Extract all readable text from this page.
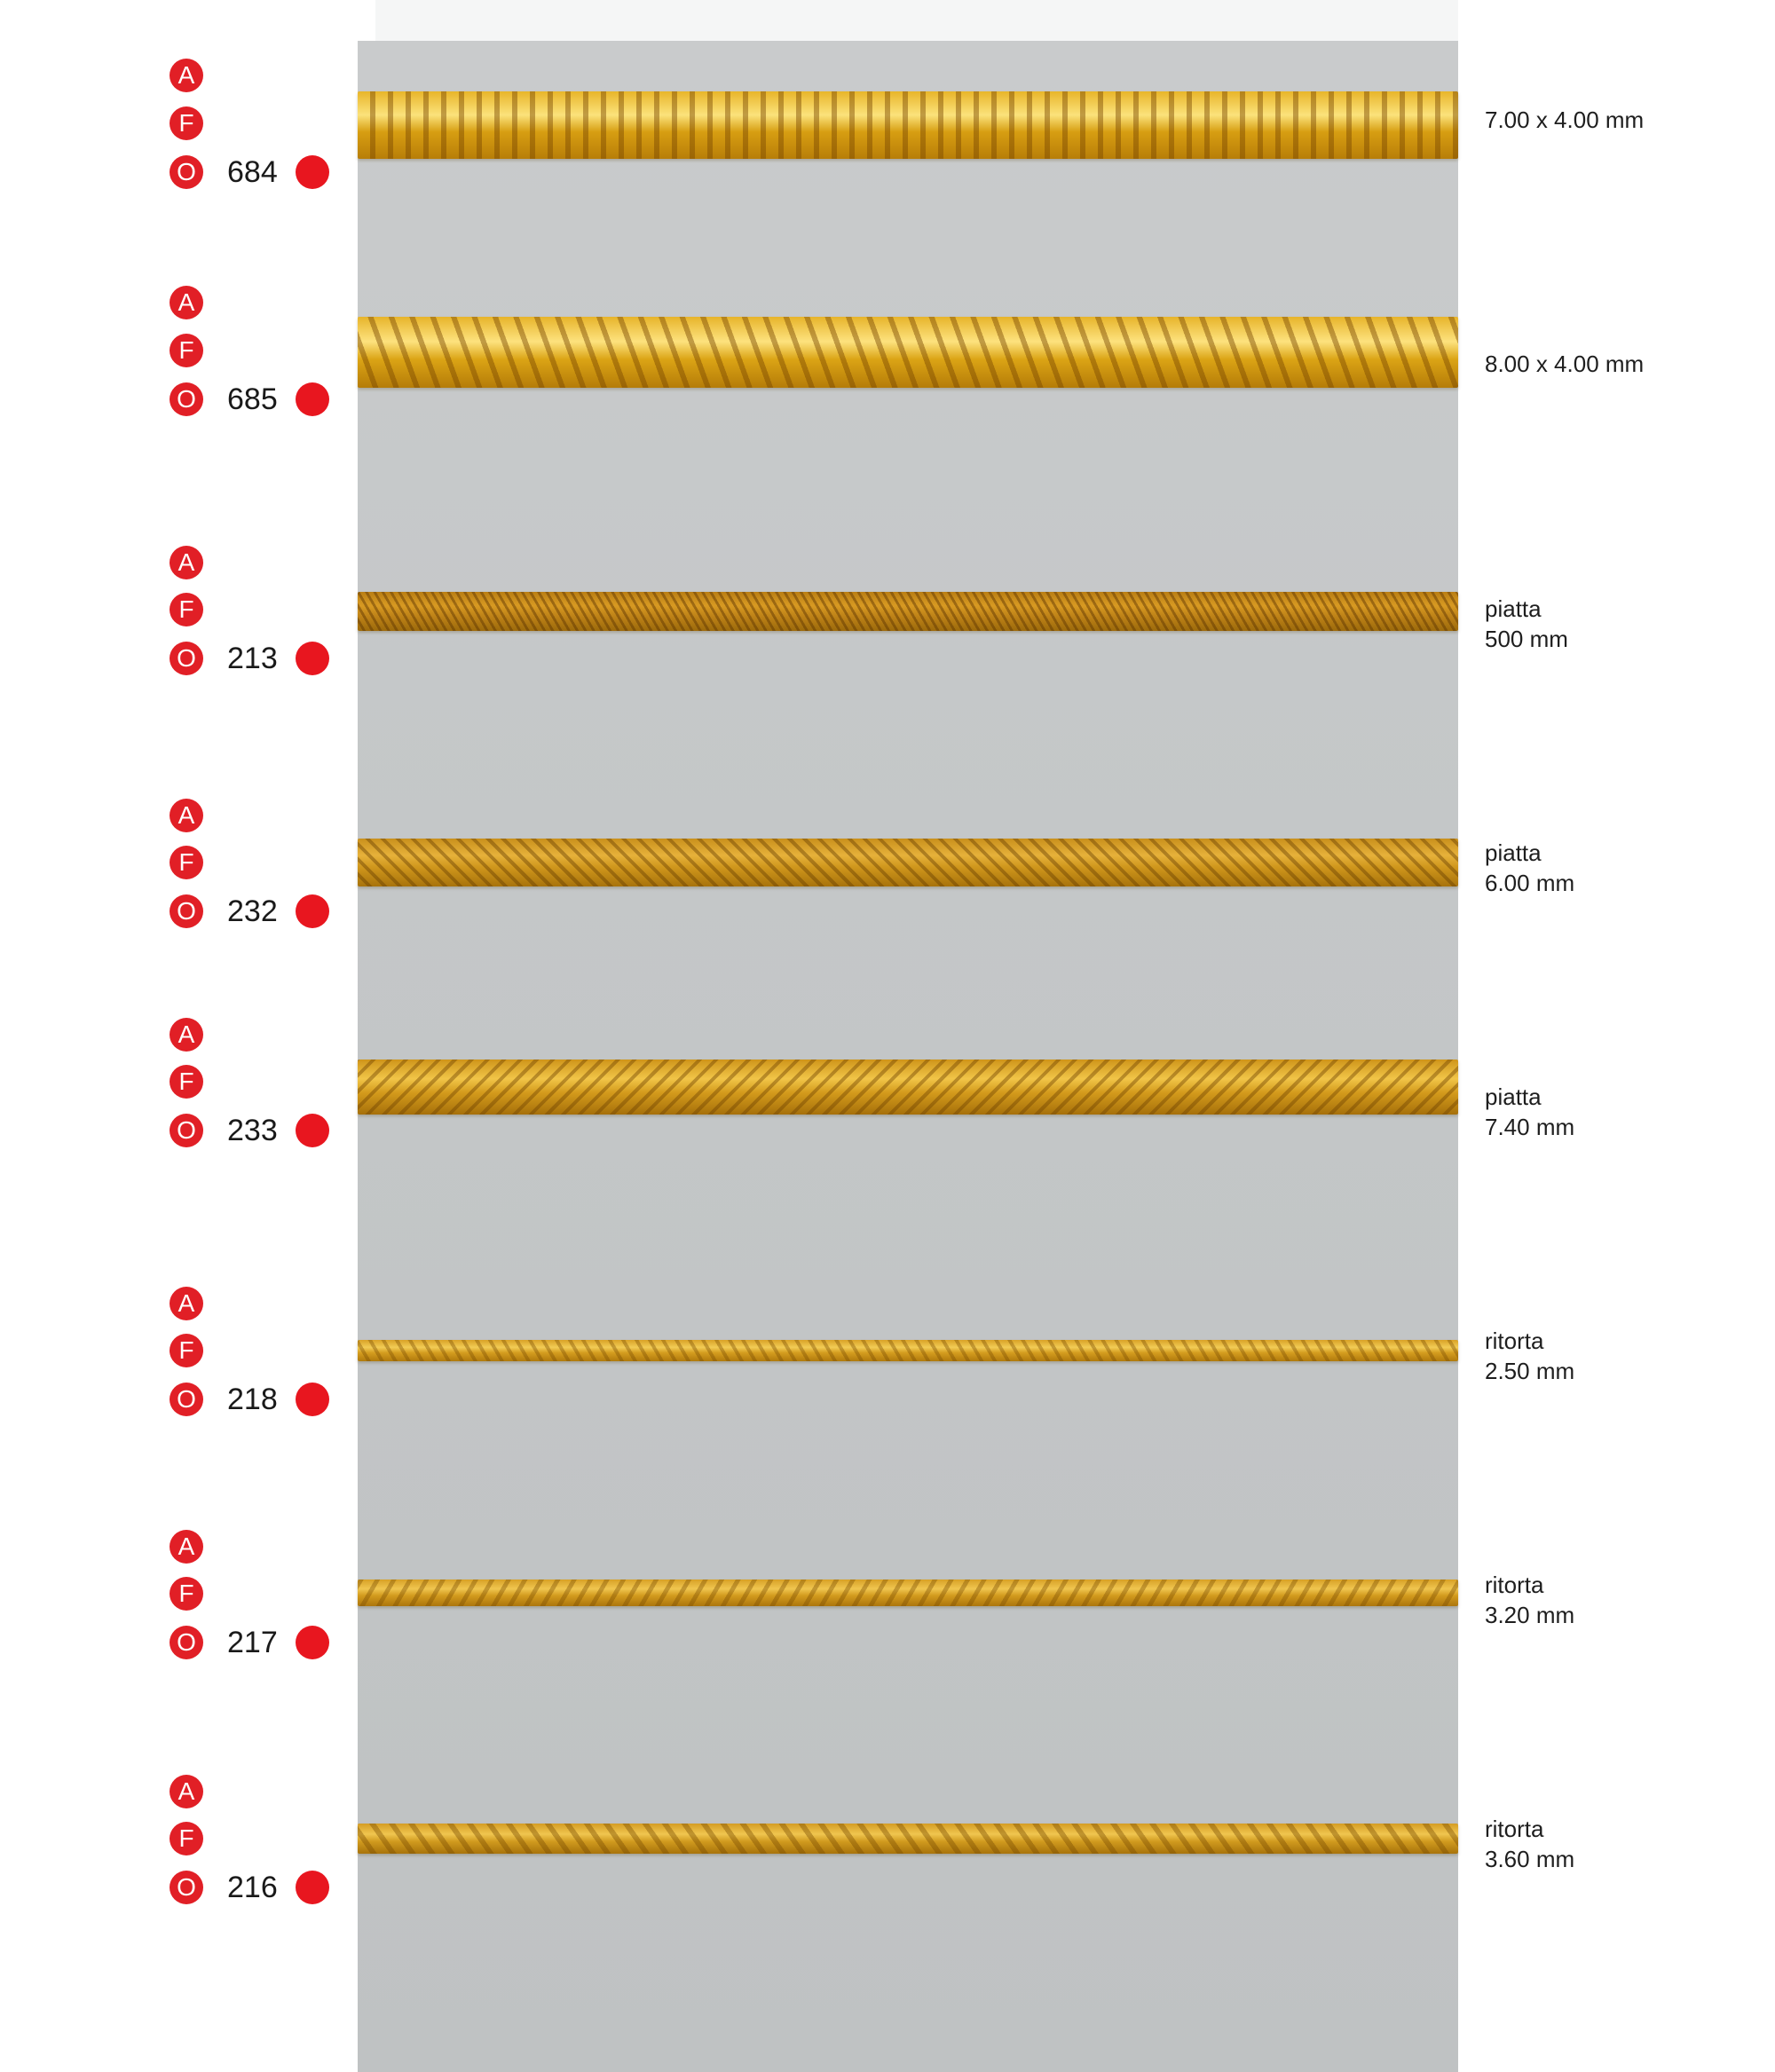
A
F
O 684
7.00 x 4.00 mm
A
F
O 685
8.00 x 4.00 mm
A
F
O 213
piatta
500 mm
A
F
O 232
piatta
6.00 mm
A
F
O 233
piatta
7.40 mm
A
F
O 218
ritorta
2.50 mm
A
F
O 217
ritorta
3.20 mm
A
F
O 216
ritorta
3.60 mm
